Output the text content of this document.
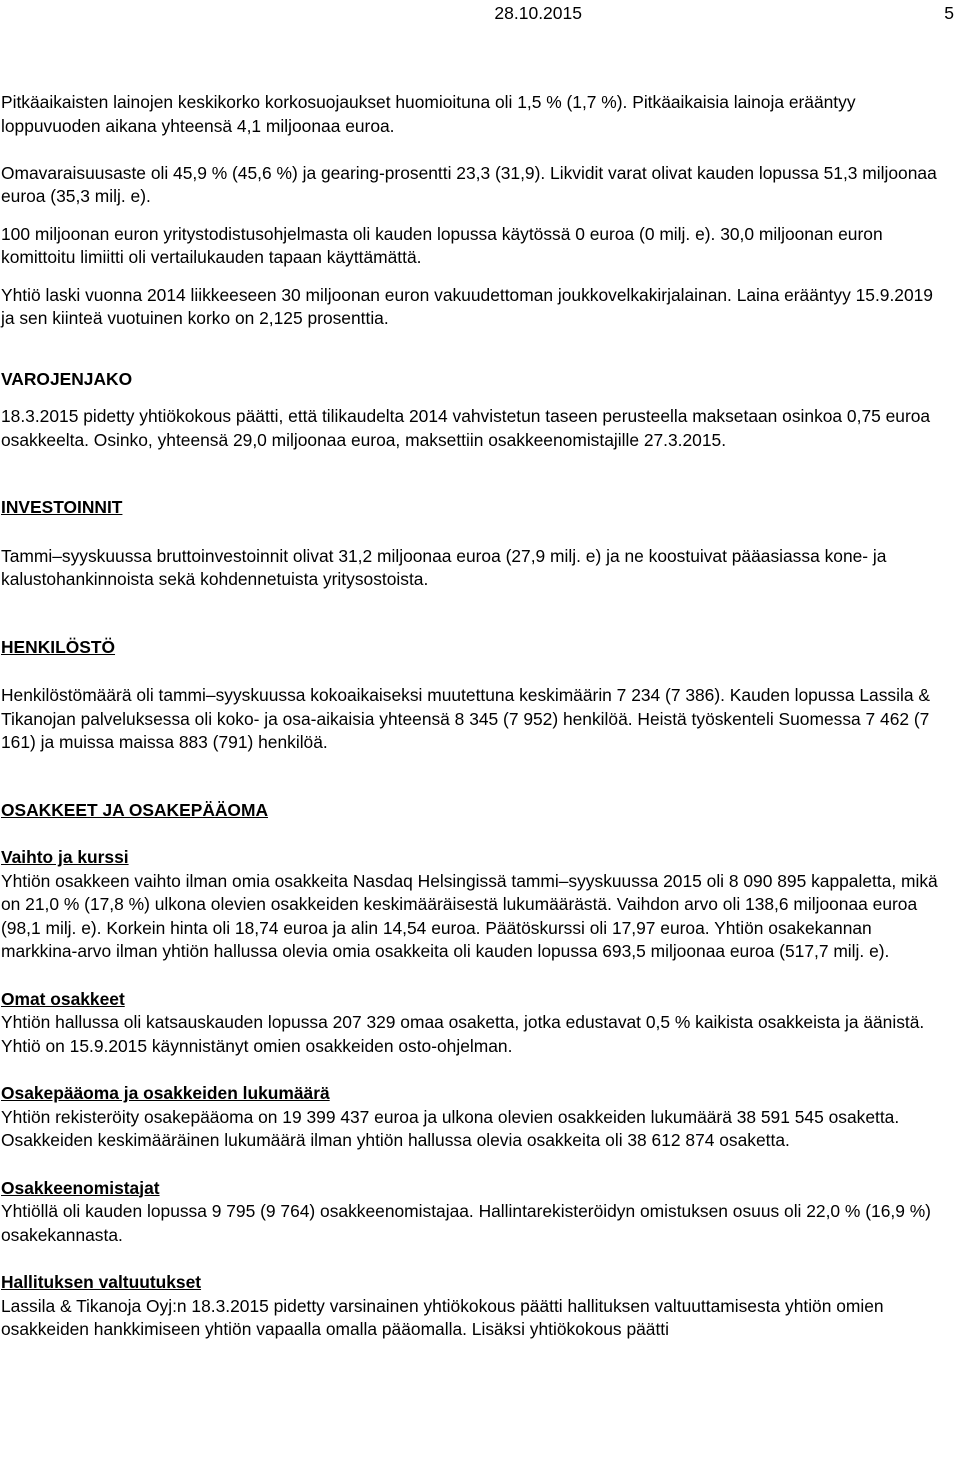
28.10.2015	5

Pitkäaikaisten lainojen keskikorko korkosuojaukset huomioituna oli 1,5 % (1,7 %). Pitkäaikaisia lainoja erääntyy loppuvuoden aikana yhteensä 4,1 miljoonaa euroa.

Omavaraisuusaste oli 45,9 % (45,6 %) ja gearing-prosentti 23,3 (31,9). Likvidit varat olivat kauden lopussa 51,3 miljoonaa euroa (35,3 milj. e).

100 miljoonan euron yritystodistusohjelmasta oli kauden lopussa käytössä 0 euroa (0 milj. e). 30,0 miljoonan euron komittoitu limiitti oli vertailukauden tapaan käyttämättä.

Yhtiö laski vuonna 2014 liikkeeseen 30 miljoonan euron vakuudettoman joukkovelkakirjalainan. Laina erääntyy 15.9.2019 ja sen kiinteä vuotuinen korko on 2,125 prosenttia.

VAROJENJAKO

18.3.2015 pidetty yhtiökokous päätti, että tilikaudelta 2014 vahvistetun taseen perusteella maksetaan osinkoa 0,75 euroa osakkeelta. Osinko, yhteensä 29,0 miljoonaa euroa, maksettiin osakkeenomistajille 27.3.2015.

INVESTOINNIT

Tammi–syyskuussa bruttoinvestoinnit olivat 31,2 miljoonaa euroa (27,9 milj. e) ja ne koostuivat pääasiassa kone- ja kalustohankinnoista sekä kohdennetuista yritysostoista.

HENKILÖSTÖ

Henkilöstömäärä oli tammi–syyskuussa kokoaikaiseksi muutettuna keskimäärin 7 234 (7 386). Kauden lopussa Lassila & Tikanojan palveluksessa oli koko- ja osa-aikaisia yhteensä 8 345 (7 952) henkilöä. Heistä työskenteli Suomessa 7 462 (7 161) ja muissa maissa 883 (791) henkilöä.

OSAKKEET JA OSAKEPÄÄOMA

Vaihto ja kurssi

Yhtiön osakkeen vaihto ilman omia osakkeita Nasdaq Helsingissä tammi–syyskuussa 2015 oli 8 090 895 kappaletta, mikä on 21,0 % (17,8 %) ulkona olevien osakkeiden keskimääräisestä lukumäärästä. Vaihdon arvo oli 138,6 miljoonaa euroa (98,1 milj. e). Korkein hinta oli 18,74 euroa ja alin 14,54 euroa. Päätöskurssi oli 17,97 euroa. Yhtiön osakekannan markkina-arvo ilman yhtiön hallussa olevia omia osakkeita oli kauden lopussa 693,5 miljoonaa euroa (517,7 milj. e).

Omat osakkeet

Yhtiön hallussa oli katsauskauden lopussa 207 329 omaa osaketta, jotka edustavat 0,5 % kaikista osakkeista ja äänistä. Yhtiö on 15.9.2015 käynnistänyt omien osakkeiden osto-ohjelman.

Osakepääoma ja osakkeiden lukumäärä

Yhtiön rekisteröity osakepääoma on 19 399 437 euroa ja ulkona olevien osakkeiden lukumäärä 38 591 545 osaketta. Osakkeiden keskimääräinen lukumäärä ilman yhtiön hallussa olevia osakkeita oli 38 612 874 osaketta.

Osakkeenomistajat

Yhtiöllä oli kauden lopussa 9 795 (9 764) osakkeenomistajaa. Hallintarekisteröidyn omistuksen osuus oli 22,0 % (16,9 %) osakekannasta.

Hallituksen valtuutukset

Lassila & Tikanoja Oyj:n 18.3.2015 pidetty varsinainen yhtiökokous päätti hallituksen valtuuttamisesta yhtiön omien osakkeiden hankkimiseen yhtiön vapaalla omalla pääomalla. Lisäksi yhtiökokous päätti
